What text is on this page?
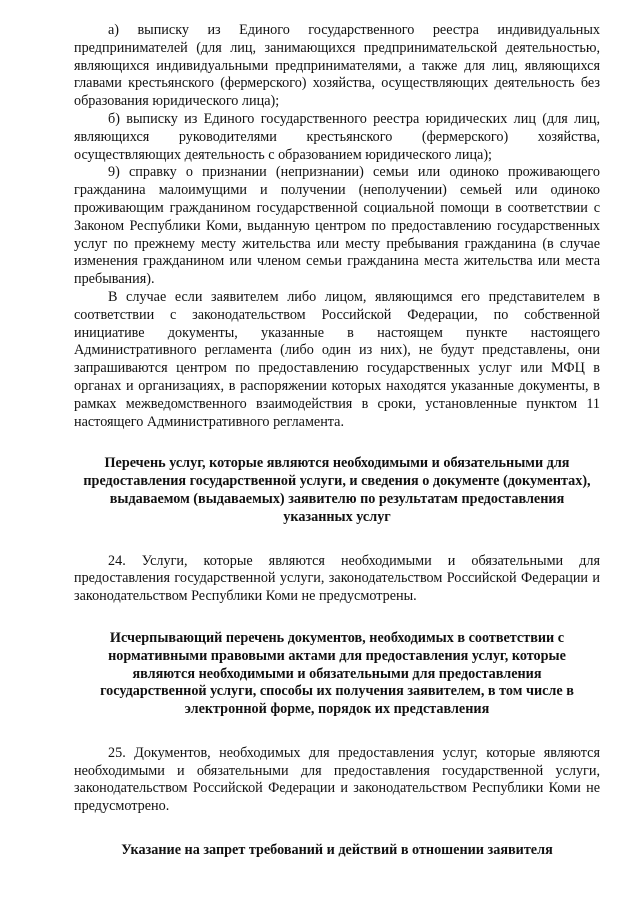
а) выписку из Единого государственного реестра индивидуальных предпринимателей (для лиц, занимающихся предпринимательской деятельностью, являющихся индивидуальными предпринимателями, а также для лиц, являющихся главами крестьянского (фермерского) хозяйства, осуществляющих деятельность без образования юридического лица);

б) выписку из Единого государственного реестра юридических лиц (для лиц, являющихся руководителями крестьянского (фермерского) хозяйства, осуществляющих деятельность с образованием юридического лица);

9) справку о признании (непризнании) семьи или одиноко проживающего гражданина малоимущими и получении (неполучении) семьей или одиноко проживающим гражданином государственной социальной помощи в соответствии с Законом Республики Коми, выданную центром по предоставлению государственных услуг по прежнему месту жительства или месту пребывания гражданина (в случае изменения гражданином или членом семьи гражданина места жительства или места пребывания).

В случае если заявителем либо лицом, являющимся его представителем в соответствии с законодательством Российской Федерации, по собственной инициативе документы, указанные в настоящем пункте настоящего Административного регламента (либо один из них), не будут представлены, они запрашиваются центром по предоставлению государственных услуг или МФЦ в органах и организациях, в распоряжении которых находятся указанные документы, в рамках межведомственного взаимодействия в сроки, установленные пунктом 11 настоящего Административного регламента.

Перечень услуг, которые являются необходимыми и обязательными для предоставления государственной услуги, и сведения о документе (документах), выдаваемом (выдаваемых) заявителю по результатам предоставления указанных услуг

24. Услуги, которые являются необходимыми и обязательными для предоставления государственной услуги, законодательством Российской Федерации и законодательством Республики Коми не предусмотрены.

Исчерпывающий перечень документов, необходимых в соответствии с нормативными правовыми актами для предоставления услуг, которые являются необходимыми и обязательными для предоставления государственной услуги, способы их получения заявителем, в том числе в электронной форме, порядок их представления

25. Документов, необходимых для предоставления услуг, которые являются необходимыми и обязательными для предоставления государственной услуги, законодательством Российской Федерации и законодательством Республики Коми не предусмотрено.

Указание на запрет требований и действий в отношении заявителя
